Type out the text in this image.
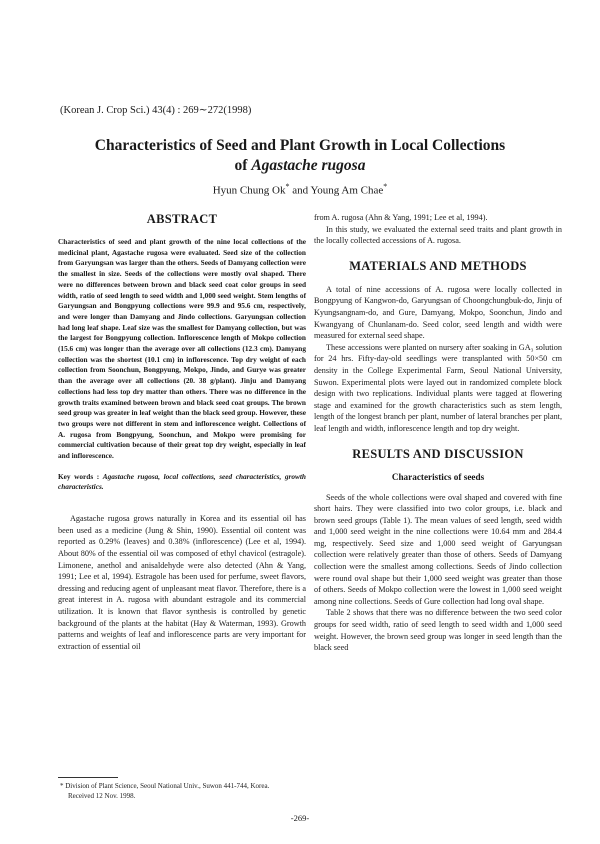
(Korean J. Crop Sci.) 43(4) : 269∼272(1998)
Characteristics of Seed and Plant Growth in Local Collections
of Agastache rugosa
Hyun Chung Ok* and Young Am Chae*
ABSTRACT

Characteristics of seed and plant growth of the nine local collections of the medicinal plant, Agastache rugosa were evaluated. Seed size of the collection from Garyungsan was larger than the others. Seeds of Damyang collection were the smallest in size. Seeds of the collections were mostly oval shaped. There were no differences between brown and black seed coat color groups in seed width, ratio of seed length to seed width and 1,000 seed weight. Stem lengths of Garyungsan and Bongpyung collections were 99.9 and 95.6 cm, respectively, and were longer than Damyang and Jindo collections. Garyungsan collection had long leaf shape. Leaf size was the smallest for Damyang collection, but was the largest for Bongpyung collection. Inflorescence length of Mokpo collection (15.6 cm) was longer than the average over all collections (12.3 cm). Damyang collection was the shortest (10.1 cm) in inflorescence. Top dry weight of each collection from Soonchun, Bongpyung, Mokpo, Jindo, and Gurye was greater than the average over all collections (20. 38 g/plant). Jinju and Damyang collections had less top dry matter than others. There was no difference in the growth traits examined between brown and black seed coat groups. The brown seed group was greater in leaf weight than the black seed group. However, these two groups were not different in stem and inflorescence weight. Collections of A. rugosa from Bongpyung, Soonchun, and Mokpo were promising for commercial cultivation because of their great top dry weight, especially in leaf and inflorescence.

Key words : Agastache rugosa, local collections, seed characteristics, growth characteristics.

Agastache rugosa grows naturally in Korea and its essential oil has been used as a medicine (Jung & Shin, 1990). Essential oil content was reported as 0.29% (leaves) and 0.38% (inflorescence) (Lee et al, 1994). About 80% of the essential oil was composed of ethyl chavicol (estragole). Limonene, anethol and anisaldehyde were also detected (Ahn & Yang, 1991; Lee et al, 1994). Estragole has been used for perfume, sweet flavors, dressing and reducing agent of unpleasant meat flavor. Therefore, there is a great interest in A. rugosa with abundant estragole and its commercial utilization. It is known that flavor synthesis is controlled by genetic background of the plants at the habitat (Hay & Waterman, 1993). Growth patterns and weights of leaf and inflorescence parts are very important for extraction of essential oil

from A. rugosa (Ahn & Yang, 1991; Lee et al, 1994).

In this study, we evaluated the external seed traits and plant growth in the locally collected accessions of A. rugosa.

MATERIALS AND METHODS

A total of nine accessions of A. rugosa were locally collected in Bongpyung of Kangwon-do, Garyungsan of Choongchungbuk-do, Jinju of Kyungsangnam-do, and Gure, Damyang, Mokpo, Soonchun, Jindo and Kwangyang of Chunlanam-do. Seed color, seed length and width were measured for external seed shape.

These accessions were planted on nursery after soaking in GA₃ solution for 24 hrs. Fifty-day-old seedlings were transplanted with 50×50 cm density in the College Experimental Farm, Seoul National University, Suwon. Experimental plots were layed out in randomized complete block design with two replications. Individual plants were tagged at flowering stage and examined for the growth characteristics such as stem length, length of the longest branch per plant, number of lateral branches per plant, leaf length and width, inflorescence length and top dry weight.

RESULTS AND DISCUSSION
Characteristics of seeds

Seeds of the whole collections were oval shaped and covered with fine short hairs. They were classified into two color groups, i.e. black and brown seed groups (Table 1). The mean values of seed length, seed width and 1,000 seed weight in the nine collections were 10.64 mm and 284.4 mg, respectively. Seed size and 1,000 seed weight of Garyungsan collection were relatively greater than those of others. Seeds of Damyang collection were the smallest among collections. Seeds of Jindo collection were round oval shape but their 1,000 seed weight was greater than those of others. Seeds of Mokpo collection were the lowest in 1,000 seed weight among nine collections. Seeds of Gure collection had long oval shape.

Table 2 shows that there was no difference between the two seed color groups for seed width, ratio of seed length to seed width and 1,000 seed weight. However, the brown seed group was longer in seed length than the black seed

* Division of Plant Science, Seoul National Univ., Suwon 441-744, Korea.
Received 12 Nov. 1998.
-269-
